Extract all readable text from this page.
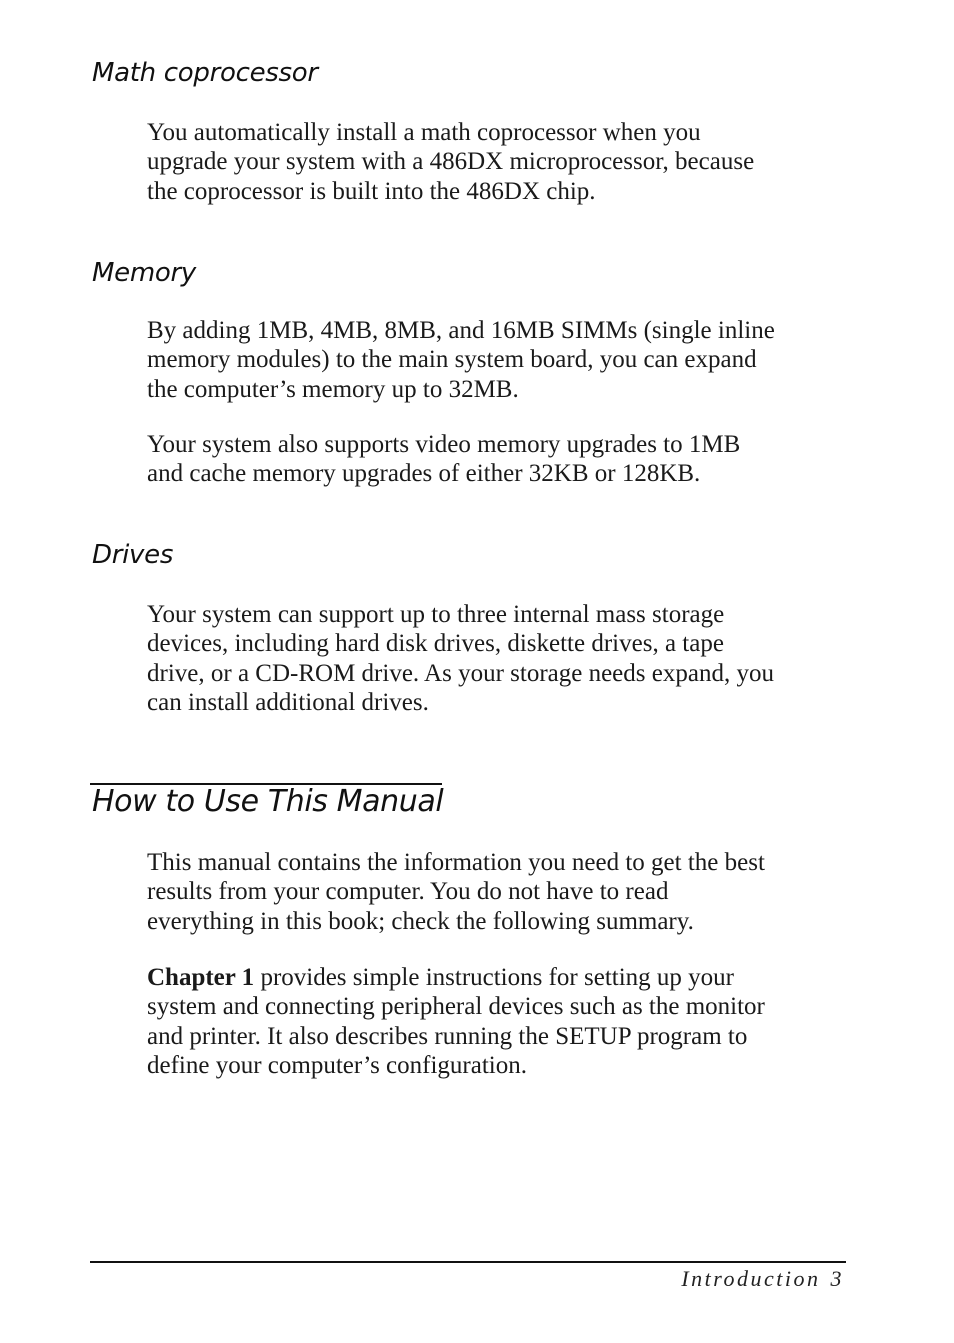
Math coprocessor

You automatically install a math coprocessor when you
upgrade your system with a 486DX microprocessor, because
the coprocessor is built into the 486DX chip.

Memory

By adding 1MB, 4MB, 8MB, and 16MB SIMMs (single inline
memory modules) to the main system board, you can expand
the computer’s memory up to 32MB.

Your system also supports video memory upgrades to 1MB
and cache memory upgrades of either 32KB or 128KB.

Drives

Your system can support up to three internal mass storage
devices, including hard disk drives, diskette drives, a tape
drive, or a CD-ROM drive. As your storage needs expand, you
can install additional drives.

How to Use This Manual

This manual contains the information you need to get the best
results from your computer. You do not have to read
everything in this book; check the following summary.

Chapter 1 provides simple instructions for setting up your
system and connecting peripheral devices such as the monitor
and printer. It also describes running the SETUP program to
define your computer’s configuration.

Introduction 3
